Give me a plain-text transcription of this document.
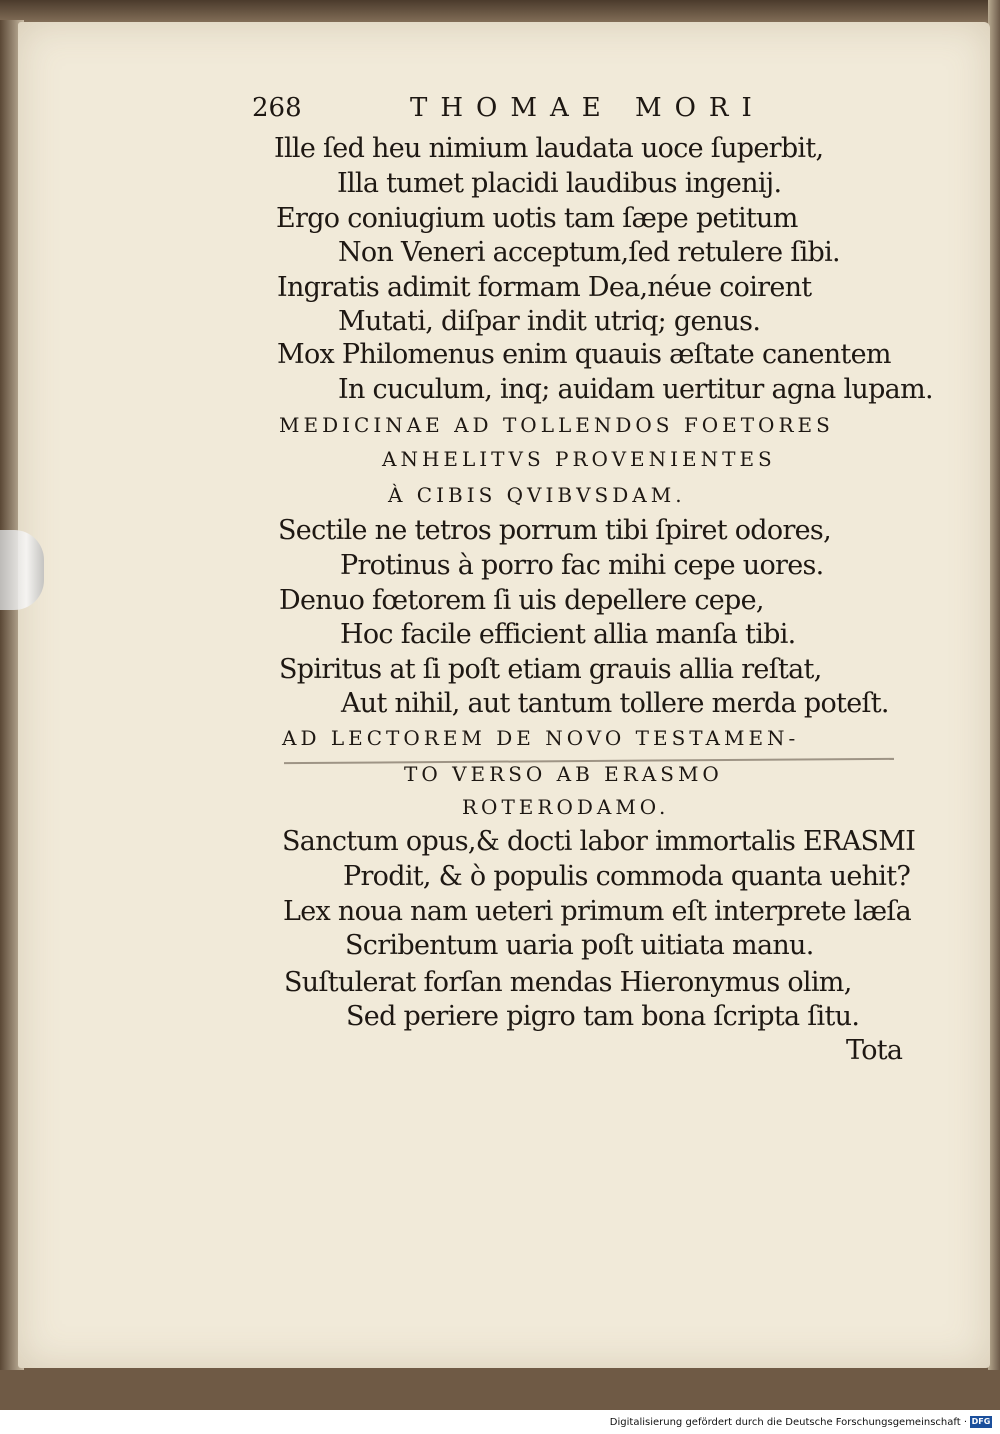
268	THOMAE MORI
Ille ſed heu nimium laudata uoce ſuperbit,
Illa tumet placidi laudibus ingenij.
Ergo coniugium uotis tam ſæpe petitum
Non Veneri acceptum,ſed retulere ſibi.
Ingratis adimit formam Dea,néue coirent
Mutati, diſpar indit utriq; genus.
Mox Philomenus enim quauis æſtate canentem
In cuculum, inq; auidam uertitur agna lupam.
MEDICINAE AD TOLLENDOS FOETORES
ANHELITVS PROVENIENTES
À CIBIS QVIBVSDAM.
Sectile ne tetros porrum tibi ſpiret odores,
Protinus à porro fac mihi cepe uores.
Denuo fœtorem ſi uis depellere cepe,
Hoc facile efficient allia manſa tibi.
Spiritus at ſi poſt etiam grauis allia reſtat,
Aut nihil, aut tantum tollere merda poteſt.
AD LECTOREM DE NOVO TESTAMEN-
TO VERSO AB ERASMO
ROTERODAMO.
Sanctum opus,& docti labor immortalis ERASMI
Prodit, & ò populis commoda quanta uehit?
Lex noua nam ueteri primum eſt interprete læſa
Scribentum uaria poſt uitiata manu.
Suſtulerat forſan mendas Hieronymus olim,
Sed periere pigro tam bona ſcripta ſitu.
Tota
Digitalisierung gefördert durch die Deutsche Forschungsgemeinschaft · DFG
